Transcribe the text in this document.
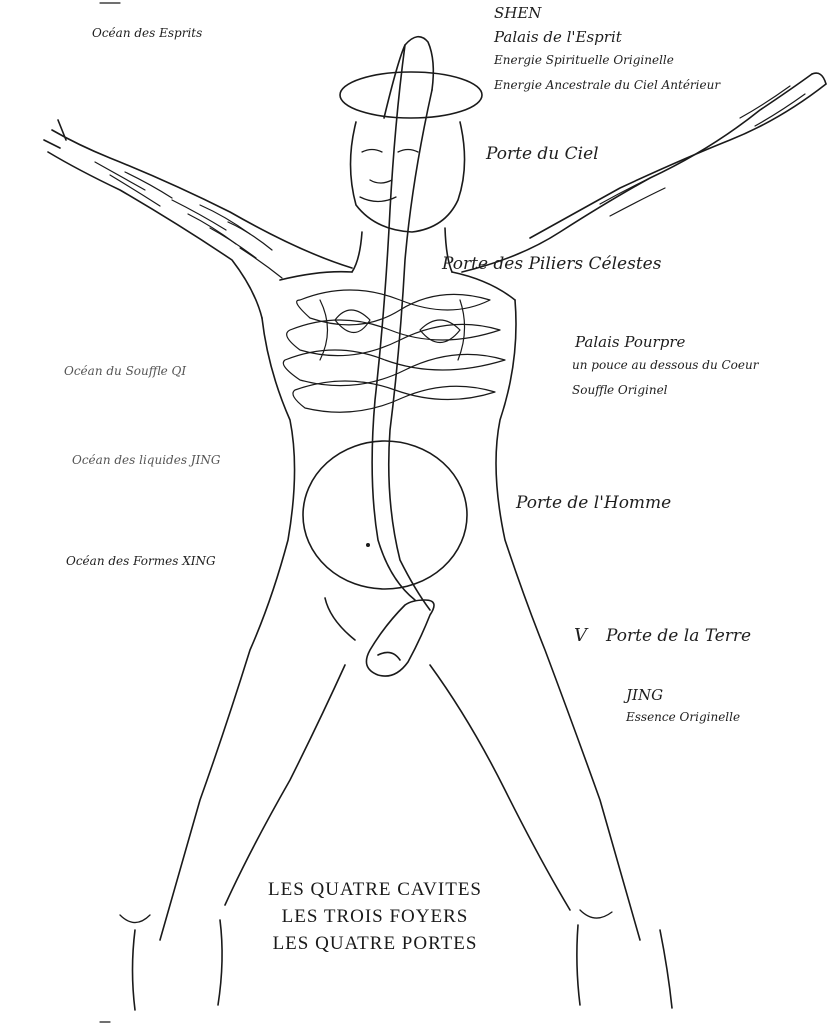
Océan des Esprits
SHEN
Palais de l'Esprit
Energie Spirituelle Originelle
Energie Ancestrale du Ciel Antérieur
Porte du Ciel
Porte des Piliers Célestes
Palais Pourpre
un pouce au dessous du Coeur
Souffle Originel
Océan du Souffle QI
Océan des liquides JING
Porte de l'Homme
Océan des Formes XING
V Porte de la Terre
JING
Essence Originelle
LES QUATRE CAVITES
LES TROIS FOYERS
LES QUATRE PORTES
